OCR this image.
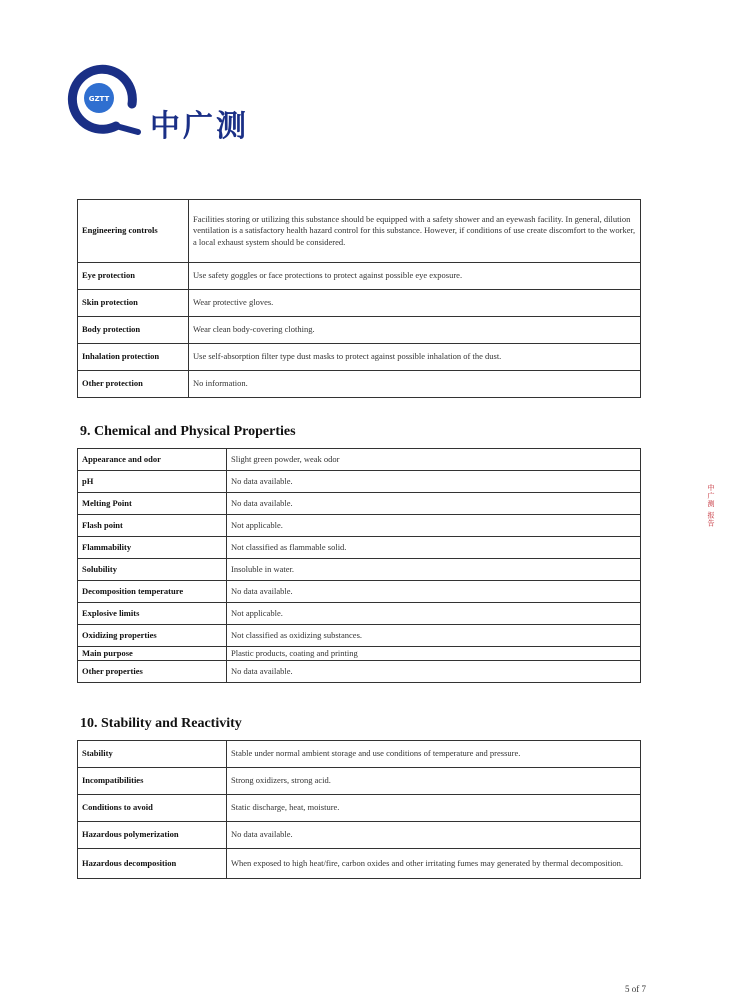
GZTT
中广测
Engineering controls	Facilities storing or utilizing this substance should be equipped with a safety shower and an eyewash facility. In general, dilution ventilation is a satisfactory health hazard control for this substance. However, if conditions of use create discomfort to the worker, a local exhaust system should be considered.
Eye protection	Use safety goggles or face protections to protect against possible eye exposure.
Skin protection	Wear protective gloves.
Body protection	Wear clean body-covering clothing.
Inhalation protection	Use self-absorption filter type dust masks to protect against possible inhalation of the dust.
Other protection	No information.
9. Chemical and Physical Properties
Appearance and odor	Slight green powder, weak odor
pH	No data available.
Melting Point	No data available.
Flash point	Not applicable.
Flammability	Not classified as flammable solid.
Solubility	Insoluble in water.
Decomposition temperature	No data available.
Explosive limits	Not applicable.
Oxidizing properties	Not classified as oxidizing substances.
Main purpose	Plastic products, coating and printing
Other properties	No data available.
10. Stability and Reactivity
Stability	Stable under normal ambient storage and use conditions of temperature and pressure.
Incompatibilities	Strong oxidizers, strong acid.
Conditions to avoid	Static discharge, heat, moisture.
Hazardous polymerization	No data available.
Hazardous decomposition	When exposed to high heat/fire, carbon oxides and other irritating fumes may generated by thermal decomposition.
中广测 报告
5 of 7
